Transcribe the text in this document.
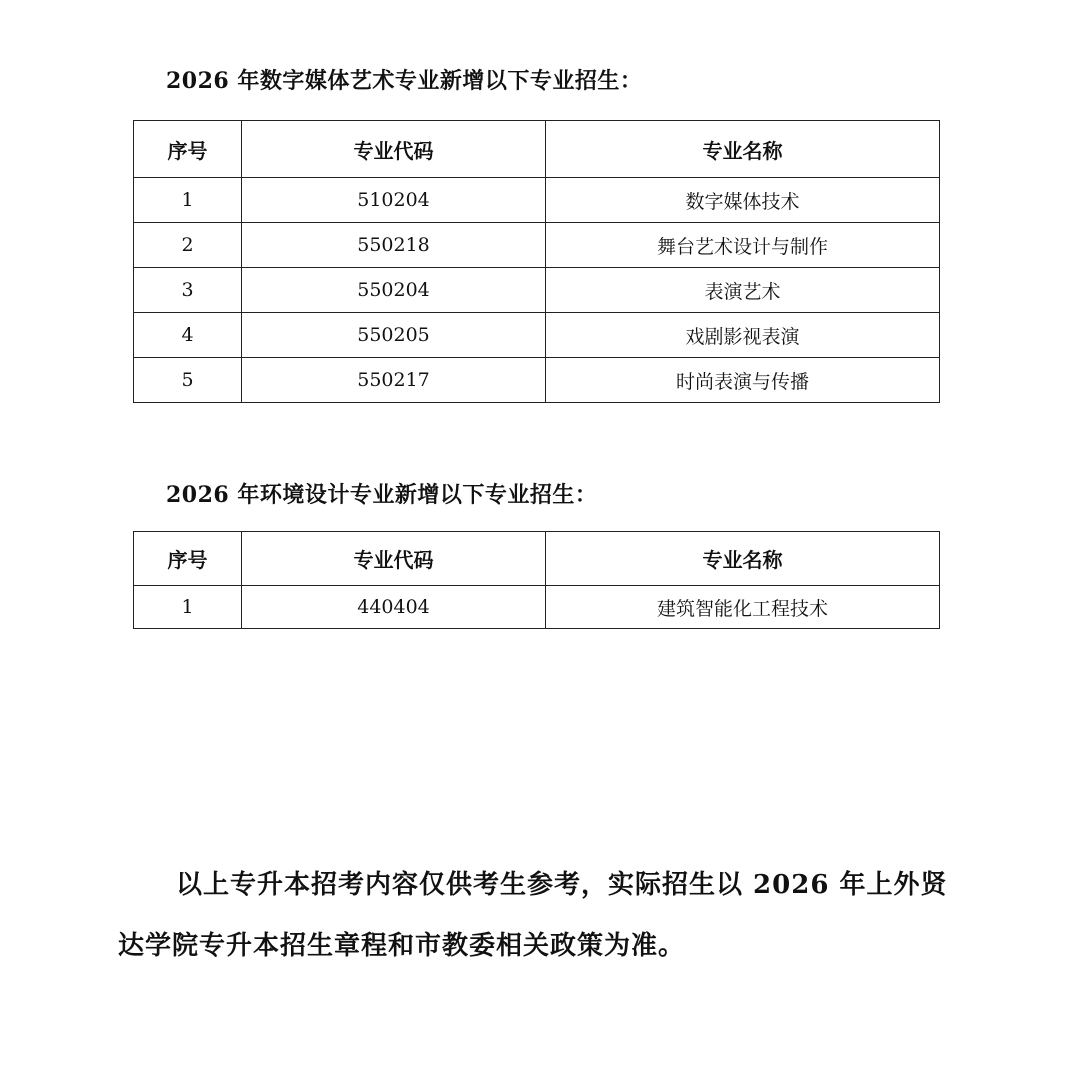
2026 年数字媒体艺术专业新增以下专业招生：
序号	专业代码	专业名称
1	510204	数字媒体技术
2	550218	舞台艺术设计与制作
3	550204	表演艺术
4	550205	戏剧影视表演
5	550217	时尚表演与传播
2026 年环境设计专业新增以下专业招生：
序号	专业代码	专业名称
1	440404	建筑智能化工程技术
以上专升本招考内容仅供考生参考，实际招生以 2026 年上外贤
达学院专升本招生章程和市教委相关政策为准。
